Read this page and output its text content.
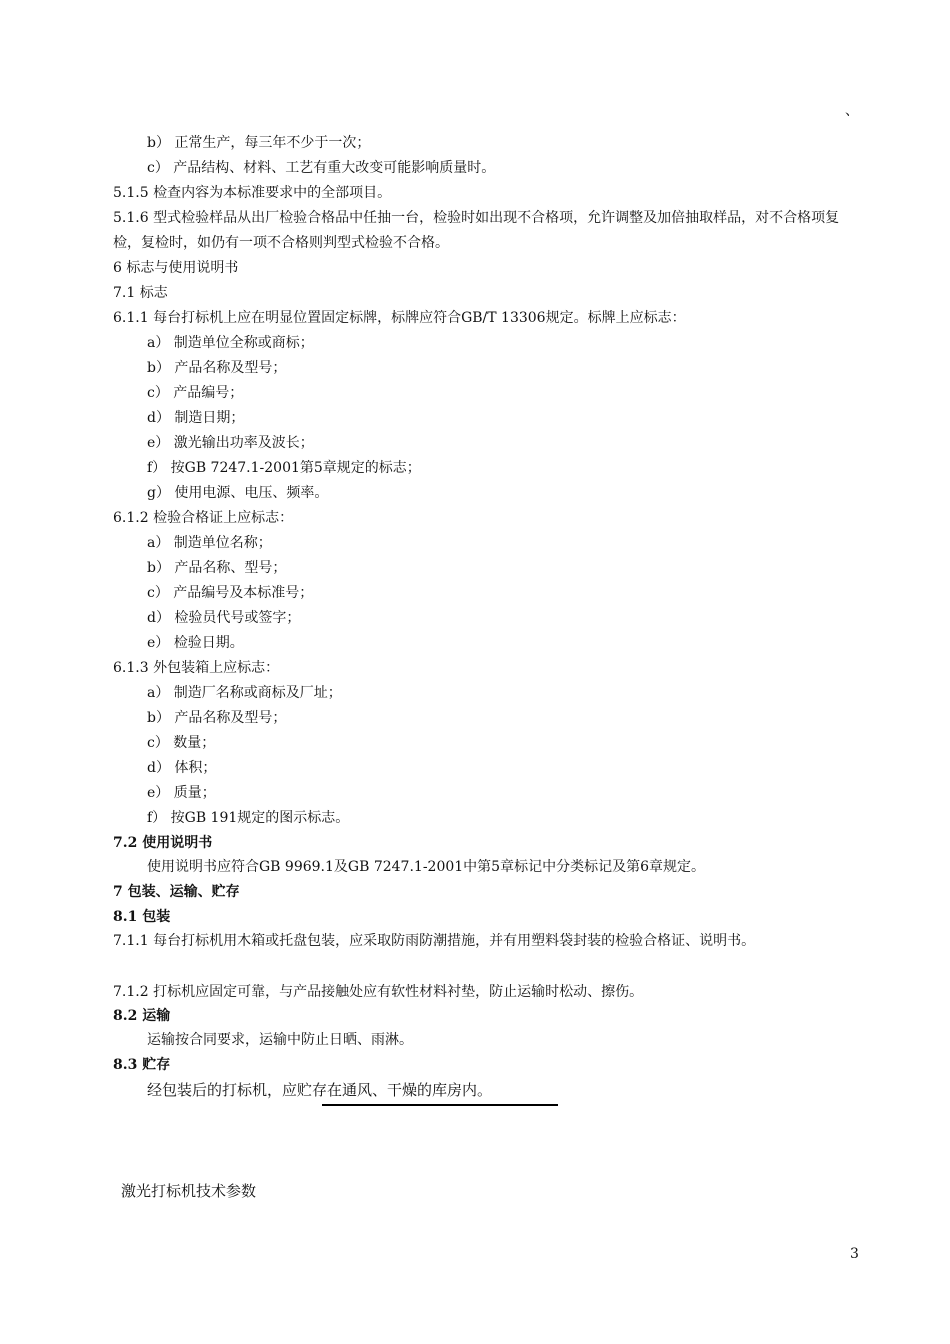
、
b） 正常生产，每三年不少于一次；
c） 产品结构、材料、工艺有重大改变可能影响质量时。
5.1.5 检查内容为本标准要求中的全部项目。
5.1.6 型式检验样品从出厂检验合格品中任抽一台，检验时如出现不合格项，允许调整及加倍抽取样品，对不合格项复检，复检时，如仍有一项不合格则判型式检验不合格。
6 标志与使用说明书
7.1 标志
6.1.1 每台打标机上应在明显位置固定标牌，标牌应符合GB/T 13306规定。标牌上应标志：
a） 制造单位全称或商标；
b） 产品名称及型号；
c） 产品编号；
d） 制造日期；
e） 激光输出功率及波长；
f） 按GB 7247.1-2001第5章规定的标志；
g） 使用电源、电压、频率。
6.1.2 检验合格证上应标志：
a） 制造单位名称；
b） 产品名称、型号；
c） 产品编号及本标准号；
d） 检验员代号或签字；
e） 检验日期。
6.1.3 外包装箱上应标志：
a） 制造厂名称或商标及厂址；
b） 产品名称及型号；
c） 数量；
d） 体积；
e） 质量；
f） 按GB 191规定的图示标志。
7.2 使用说明书
使用说明书应符合GB 9969.1及GB 7247.1-2001中第5章标记中分类标记及第6章规定。
7 包装、运输、贮存
8.1 包装
7.1.1 每台打标机用木箱或托盘包装，应采取防雨防潮措施，并有用塑料袋封装的检验合格证、说明书。
7.1.2 打标机应固定可靠，与产品接触处应有软性材料衬垫，防止运输时松动、擦伤。
8.2 运输
运输按合同要求，运输中防止日晒、雨淋。
8.3 贮存
经包装后的打标机，应贮存在通风、干燥的库房内。
激光打标机技术参数
3
